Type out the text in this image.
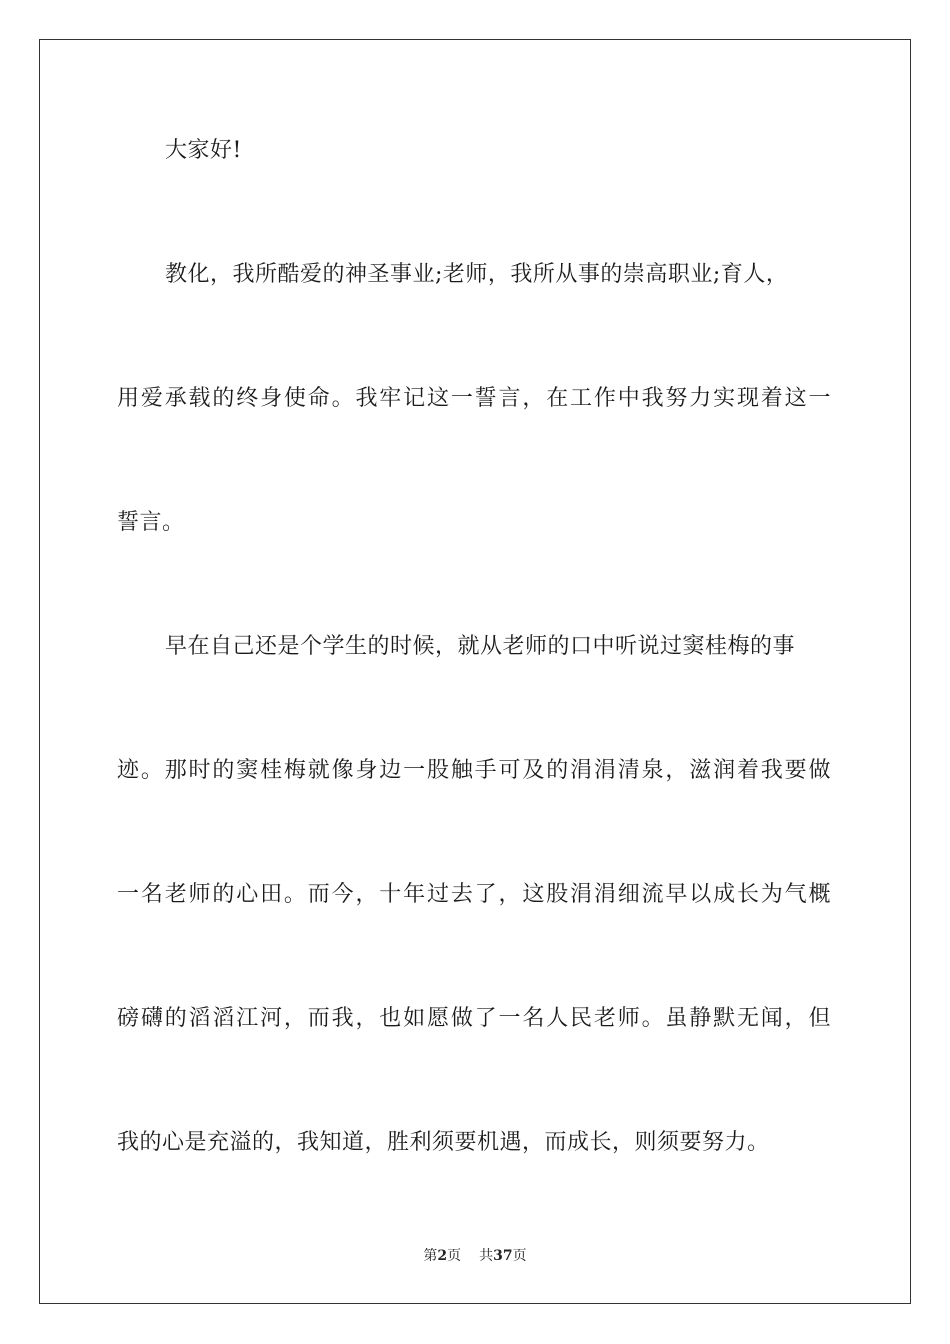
大家好!
教化，我所酷爱的神圣事业;老师，我所从事的崇高职业;育人，
用爱承载的终身使命。我牢记这一誓言，在工作中我努力实现着这一
誓言。
早在自己还是个学生的时候，就从老师的口中听说过窦桂梅的事
迹。那时的窦桂梅就像身边一股触手可及的涓涓清泉，滋润着我要做
一名老师的心田。而今，十年过去了，这股涓涓细流早以成长为气概
磅礴的滔滔江河，而我，也如愿做了一名人民老师。虽静默无闻，但
我的心是充溢的，我知道，胜利须要机遇，而成长，则须要努力。
第2页 共37页
